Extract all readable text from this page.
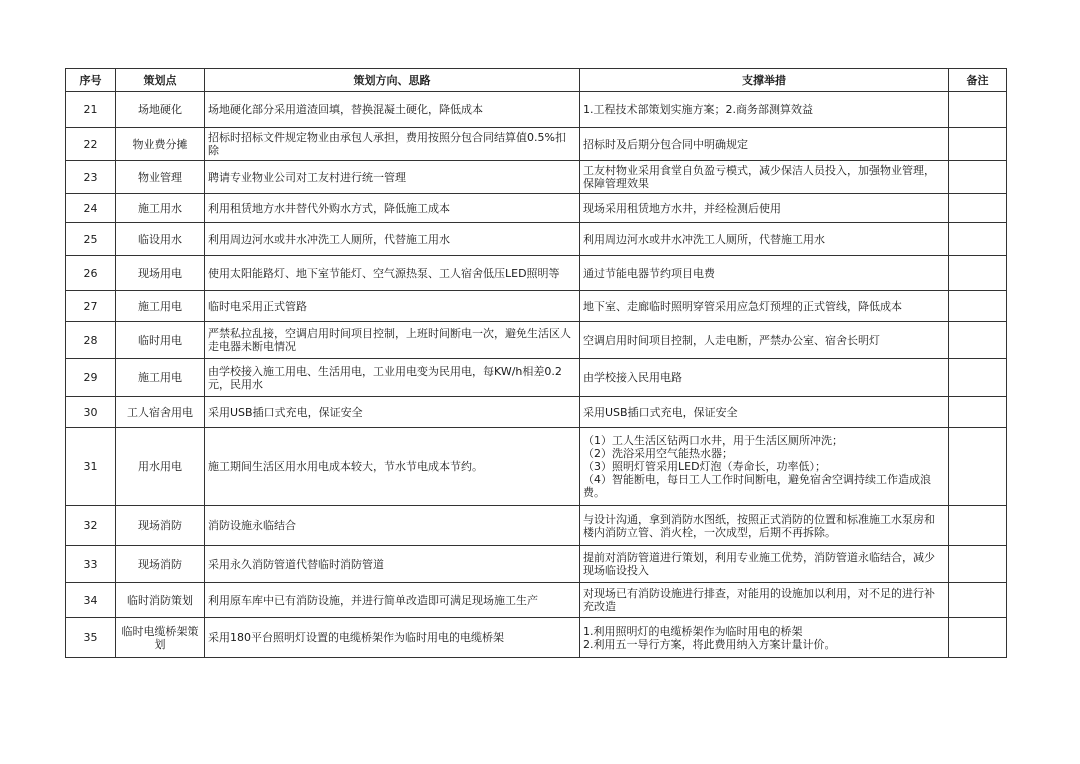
序号	策划点	策划方向、思路	支撑举措	备注
21	场地硬化	场地硬化部分采用道渣回填，替换混凝土硬化，降低成本	1.工程技术部策划实施方案；2.商务部测算效益	
22	物业费分摊	招标时招标文件规定物业由承包人承担，费用按照分包合同结算值0.5%扣除	招标时及后期分包合同中明确规定	
23	物业管理	聘请专业物业公司对工友村进行统一管理	工友村物业采用食堂自负盈亏模式，减少保洁人员投入，加强物业管理，保障管理效果	
24	施工用水	利用租赁地方水井替代外购水方式，降低施工成本	现场采用租赁地方水井，并经检测后使用	
25	临设用水	利用周边河水或井水冲洗工人厕所，代替施工用水	利用周边河水或井水冲洗工人厕所，代替施工用水	
26	现场用电	使用太阳能路灯、地下室节能灯、空气源热泵、工人宿舍低压LED照明等	通过节能电器节约项目电费	
27	施工用电	临时电采用正式管路	地下室、走廊临时照明穿管采用应急灯预埋的正式管线，降低成本	
28	临时用电	严禁私拉乱接，空调启用时间项目控制，上班时间断电一次，避免生活区人走电器未断电情况	空调启用时间项目控制，人走电断，严禁办公室、宿舍长明灯	
29	施工用电	由学校接入施工用电、生活用电，工业用电变为民用电，每KW/h相差0.2元，民用水	由学校接入民用电路	
30	工人宿舍用电	采用USB插口式充电，保证安全	采用USB插口式充电，保证安全	
31	用水用电	施工期间生活区用水用电成本较大，节水节电成本节约。	（1）工人生活区钻两口水井，用于生活区厕所冲洗；
（2）洗浴采用空气能热水器；
（3）照明灯管采用LED灯泡（寿命长，功率低）；
（4）智能断电，每日工人工作时间断电，避免宿舍空调持续工作造成浪费。	
32	现场消防	消防设施永临结合	与设计沟通，拿到消防水图纸，按照正式消防的位置和标准施工水泵房和楼内消防立管、消火栓，一次成型，后期不再拆除。	
33	现场消防	采用永久消防管道代替临时消防管道	提前对消防管道进行策划，利用专业施工优势，消防管道永临结合，减少现场临设投入	
34	临时消防策划	利用原车库中已有消防设施，并进行简单改造即可满足现场施工生产	对现场已有消防设施进行排查，对能用的设施加以利用，对不足的进行补充改造	
35	临时电缆桥架策划	采用180平台照明灯设置的电缆桥架作为临时用电的电缆桥架	1.利用照明灯的电缆桥架作为临时用电的桥架
2.利用五一导行方案，将此费用纳入方案计量计价。	
